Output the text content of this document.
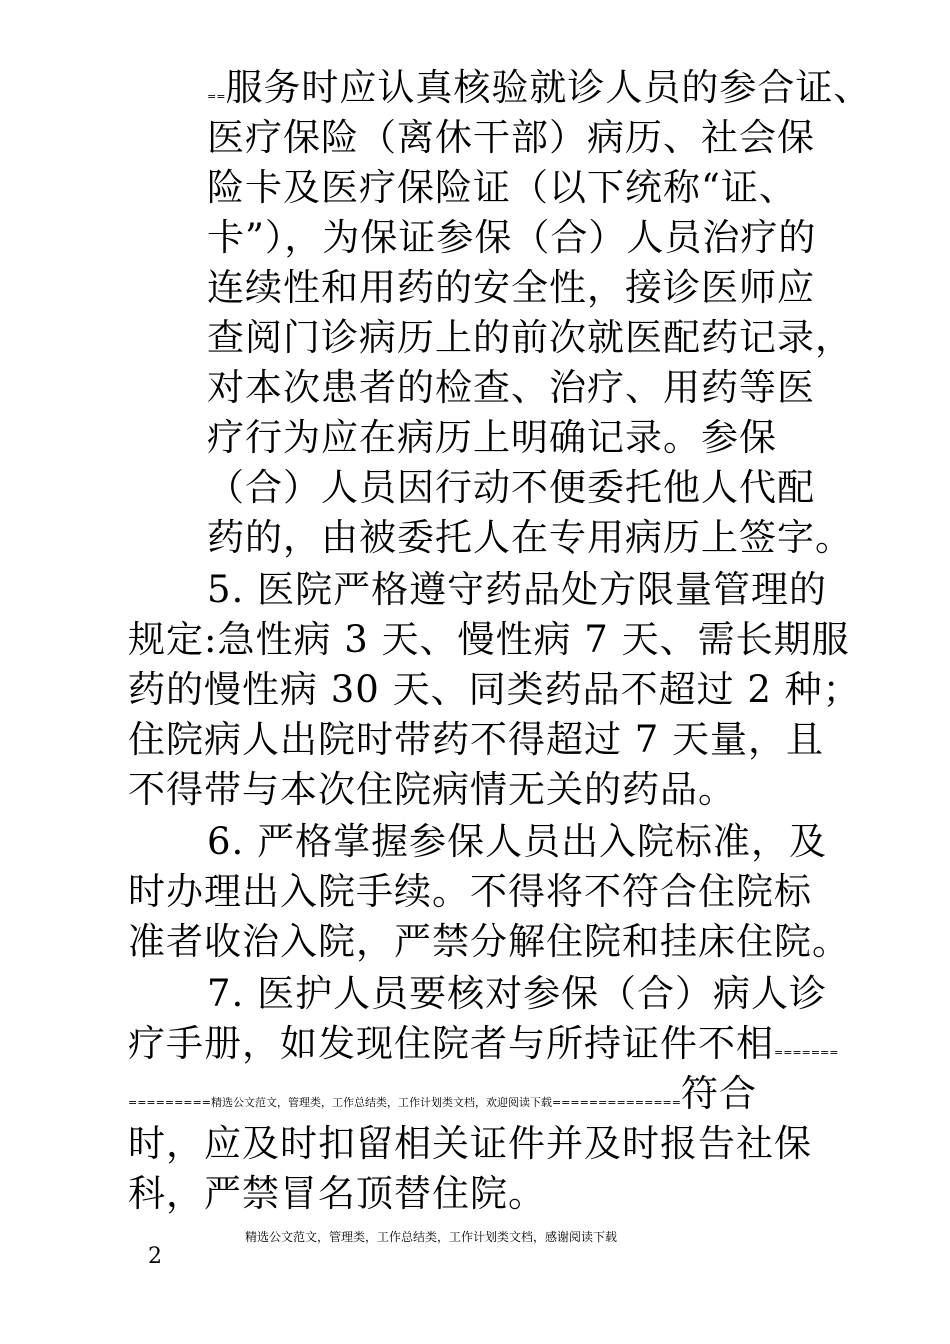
==服务时应认真核验就诊人员的参合证、
医疗保险（离休干部）病历、社会保
险卡及医疗保险证（以下统称“证、
卡”），为保证参保（合）人员治疗的
连续性和用药的安全性，接诊医师应
查阅门诊病历上的前次就医配药记录，
对本次患者的检查、治疗、用药等医
疗行为应在病历上明确记录。参保
（合）人员因行动不便委托他人代配
药的，由被委托人在专用病历上签字。
5. 医院严格遵守药品处方限量管理的
规定:急性病 3 天、慢性病 7 天、需长期服
药的慢性病 30 天、同类药品不超过 2 种；
住院病人出院时带药不得超过 7 天量，且
不得带与本次住院病情无关的药品。
6. 严格掌握参保人员出入院标准，及
时办理出入院手续。不得将不符合住院标
准者收治入院，严禁分解住院和挂床住院。
7. 医护人员要核对参保（合）病人诊
疗手册，如发现住院者与所持证件不相=======
=========精选公文范文，管理类，工作总结类，工作计划类文档，欢迎阅读下载==============符合
时，应及时扣留相关证件并及时报告社保
科，严禁冒名顶替住院。
精选公文范文，管理类，工作总结类，工作计划类文档，感谢阅读下载
2
